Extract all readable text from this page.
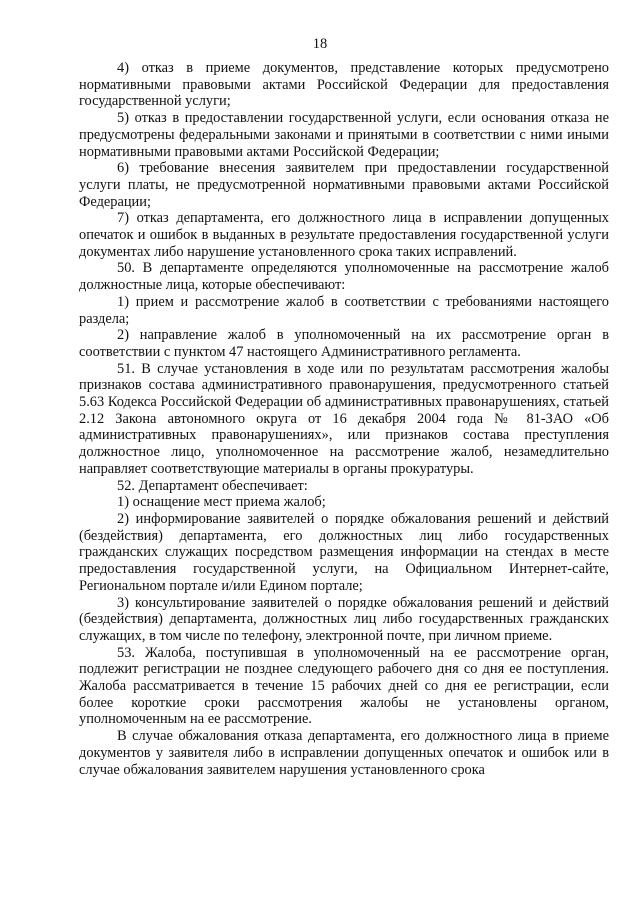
18

4) отказ в приеме документов, представление которых предусмотрено нормативными правовыми актами Российской Федерации для предоставления государственной услуги;

5) отказ в предоставлении государственной услуги, если основания отказа не предусмотрены федеральными законами и принятыми в соответствии с ними иными нормативными правовыми актами Российской Федерации;

6) требование внесения заявителем при предоставлении государственной услуги платы, не предусмотренной нормативными правовыми актами Российской Федерации;

7) отказ департамента, его должностного лица в исправлении допущенных опечаток и ошибок в выданных в результате предоставления государственной услуги документах либо нарушение установленного срока таких исправлений.

50. В департаменте определяются уполномоченные на рассмотрение жалоб должностные лица, которые обеспечивают:

1) прием и рассмотрение жалоб в соответствии с требованиями настоящего раздела;

2) направление жалоб в уполномоченный на их рассмотрение орган в соответствии с пунктом 47 настоящего Административного регламента.

51. В случае установления в ходе или по результатам рассмотрения жалобы признаков состава административного правонарушения, предусмотренного статьей 5.63 Кодекса Российской Федерации об административных правонарушениях, статьей 2.12 Закона автономного округа от 16 декабря 2004 года № 81-ЗАО «Об административных правонарушениях», или признаков состава преступления должностное лицо, уполномоченное на рассмотрение жалоб, незамедлительно направляет соответствующие материалы в органы прокуратуры.

52. Департамент обеспечивает:

1) оснащение мест приема жалоб;

2) информирование заявителей о порядке обжалования решений и действий (бездействия) департамента, его должностных лиц либо государственных гражданских служащих посредством размещения информации на стендах в месте предоставления государственной услуги, на Официальном Интернет-сайте, Региональном портале и/или Едином портале;

3) консультирование заявителей о порядке обжалования решений и действий (бездействия) департамента, должностных лиц либо государственных гражданских служащих, в том числе по телефону, электронной почте, при личном приеме.

53. Жалоба, поступившая в уполномоченный на ее рассмотрение орган, подлежит регистрации не позднее следующего рабочего дня со дня ее поступления. Жалоба рассматривается в течение 15 рабочих дней со дня ее регистрации, если более короткие сроки рассмотрения жалобы не установлены органом, уполномоченным на ее рассмотрение.

В случае обжалования отказа департамента, его должностного лица в приеме документов у заявителя либо в исправлении допущенных опечаток и ошибок или в случае обжалования заявителем нарушения установленного срока
